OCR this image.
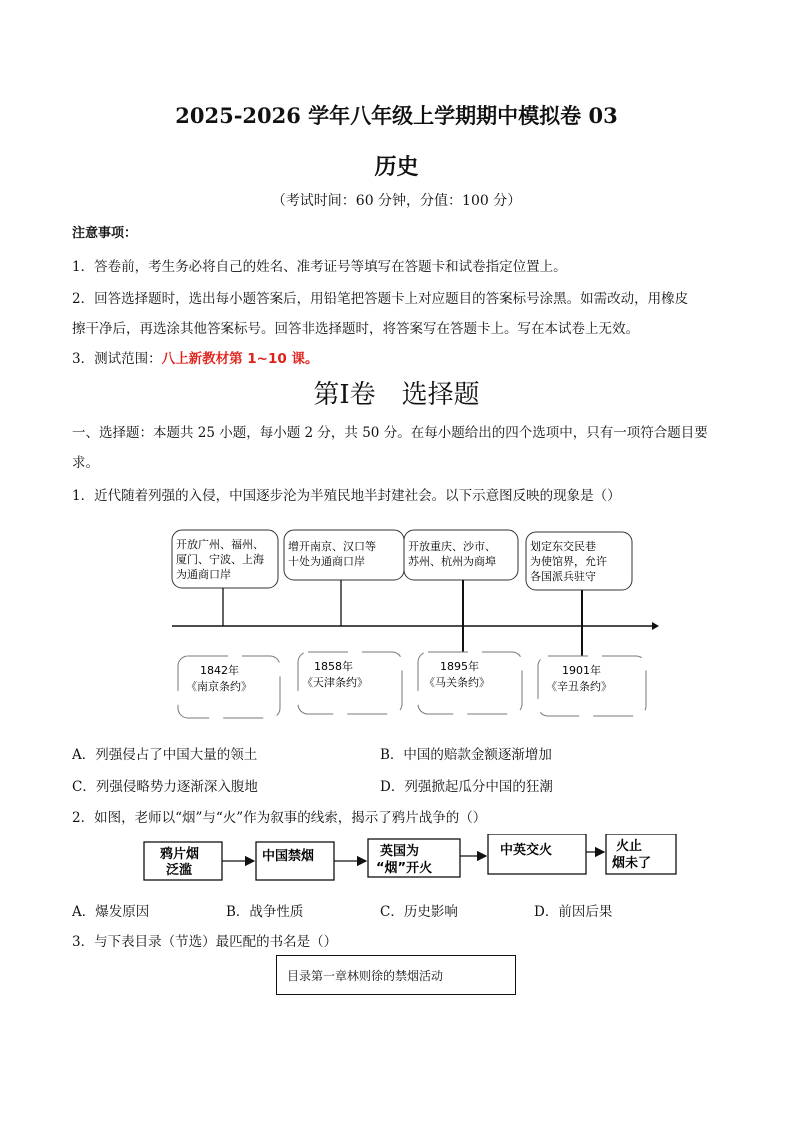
2025-2026 学年八年级上学期期中模拟卷 03
历史
（考试时间：60 分钟，分值：100 分）
注意事项：
1．答卷前，考生务必将自己的姓名、准考证号等填写在答题卡和试卷指定位置上。
2．回答选择题时，选出每小题答案后，用铅笔把答题卡上对应题目的答案标号涂黑。如需改动，用橡皮
擦干净后，再选涂其他答案标号。回答非选择题时，将答案写在答题卡上。写在本试卷上无效。
3．测试范围：八上新教材第 1~10 课。
第Ⅰ卷　选择题
一、选择题：本题共 25 小题，每小题 2 分，共 50 分。在每小题给出的四个选项中，只有一项符合题目要
求。
1．近代随着列强的入侵，中国逐步沦为半殖民地半封建社会。以下示意图反映的现象是（）
开放广州、福州、
厦门、宁波、上海
为通商口岸
1842年
《南京条约》
增开南京、汉口等
十处为通商口岸
1858年
《天津条约》
开放重庆、沙市、
苏州、杭州为商埠
1895年
《马关条约》
划定东交民巷
为使馆界，允许
各国派兵驻守
1901年
《辛丑条约》
A．列强侵占了中国大量的领土	B．中国的赔款金额逐渐增加
C．列强侵略势力逐渐深入腹地	D．列强掀起瓜分中国的狂潮
2．如图，老师以“烟”与“火”作为叙事的线索，揭示了鸦片战争的（）
鸦片烟
泛滥
中国禁烟	英国为
“烟”开火
中英交火	火止
烟未了
A．爆发原因	B．战争性质	C．历史影响	D．前因后果
3．与下表目录（节选）最匹配的书名是（）
目录第一章林则徐的禁烟活动
